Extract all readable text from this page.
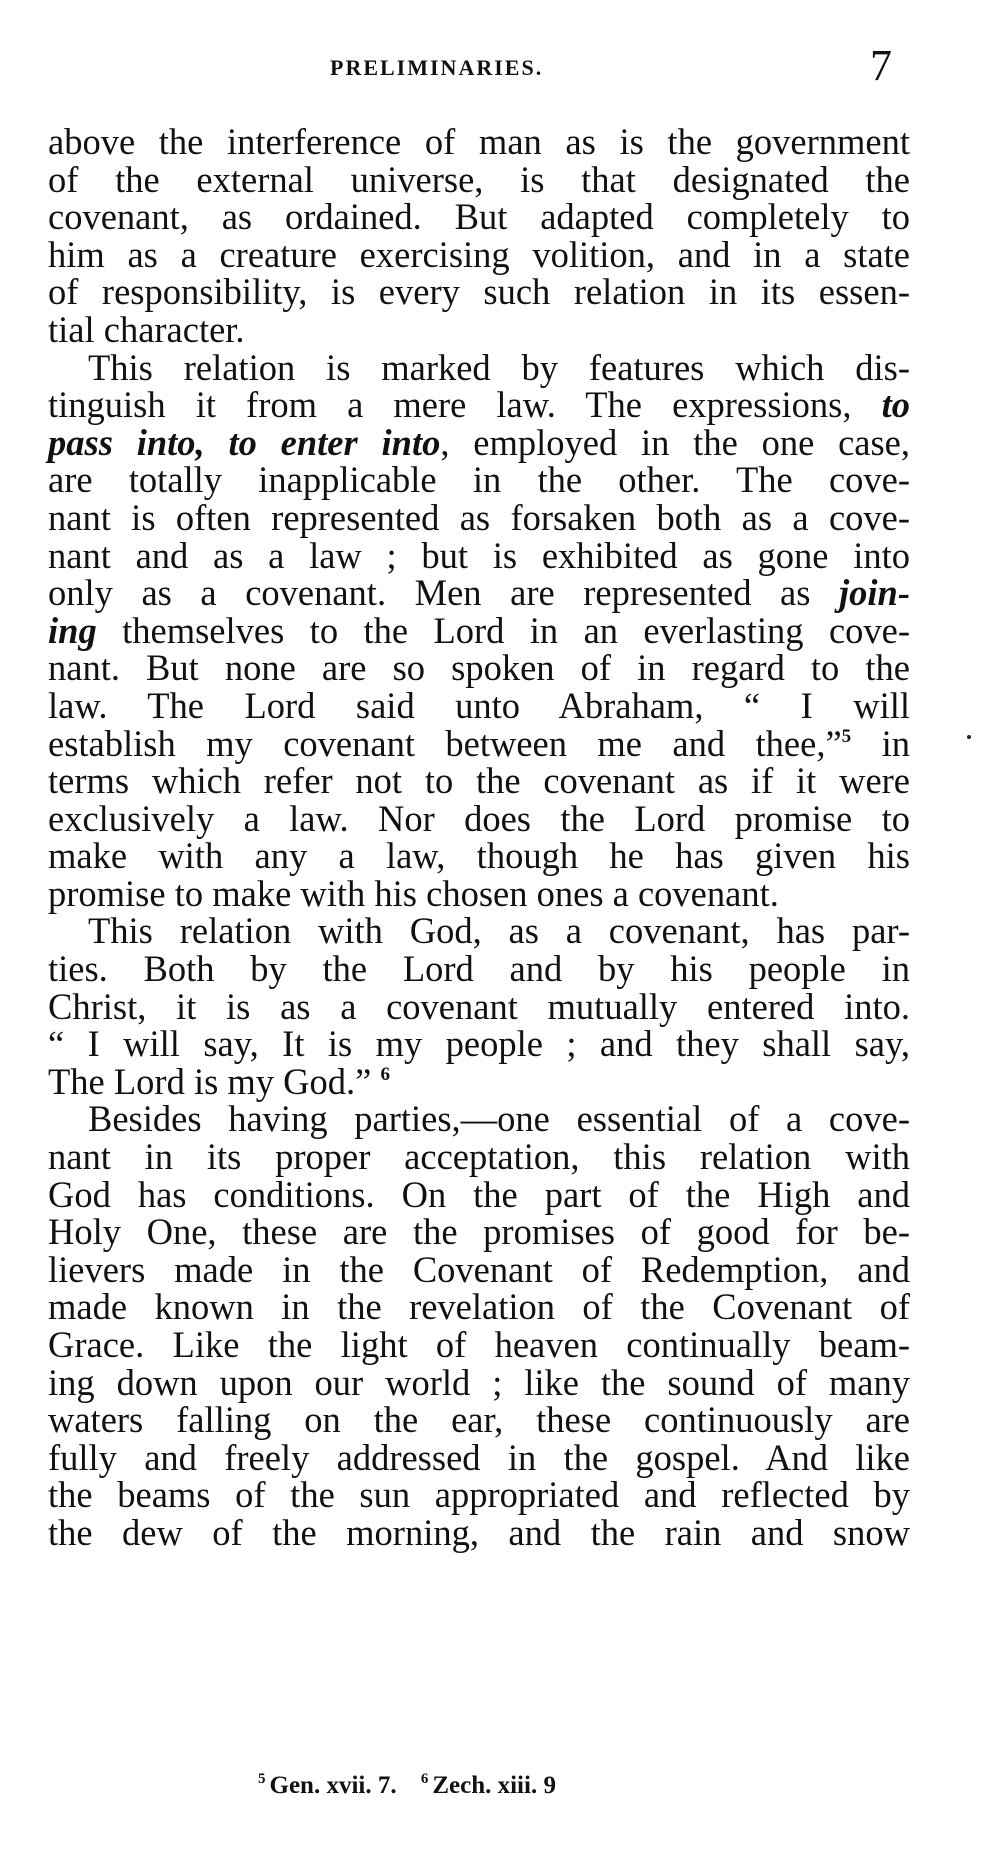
PRELIMINARIES.	7
above the interference of man as is the government
of the external universe, is that designated the
covenant, as ordained. But adapted completely to
him as a creature exercising volition, and in a state
of responsibility, is every such relation in its essen-
tial character.
This relation is marked by features which dis-
tinguish it from a mere law. The expressions, to
pass into, to enter into, employed in the one case,
are totally inapplicable in the other. The cove-
nant is often represented as forsaken both as a cove-
nant and as a law ; but is exhibited as gone into
only as a covenant. Men are represented as join-
ing themselves to the Lord in an everlasting cove-
nant. But none are so spoken of in regard to the
law. The Lord said unto Abraham, “ I will
establish my covenant between me and thee,”$^5$ in
terms which refer not to the covenant as if it were
exclusively a law. Nor does the Lord promise to
make with any a law, though he has given his
promise to make with his chosen ones a covenant.
This relation with God, as a covenant, has par-
ties. Both by the Lord and by his people in
Christ, it is as a covenant mutually entered into.
“ I will say, It is my people ; and they shall say,
The Lord is my God.” $^6$
Besides having parties,—one essential of a cove-
nant in its proper acceptation, this relation with
God has conditions. On the part of the High and
Holy One, these are the promises of good for be-
lievers made in the Covenant of Redemption, and
made known in the revelation of the Covenant of
Grace. Like the light of heaven continually beam-
ing down upon our world ; like the sound of many
waters falling on the ear, these continuously are
fully and freely addressed in the gospel. And like
the beams of the sun appropriated and reflected by
the dew of the morning, and the rain and snow
$^5$ Gen. xvii. 7. $^6$ Zech. xiii. 9
